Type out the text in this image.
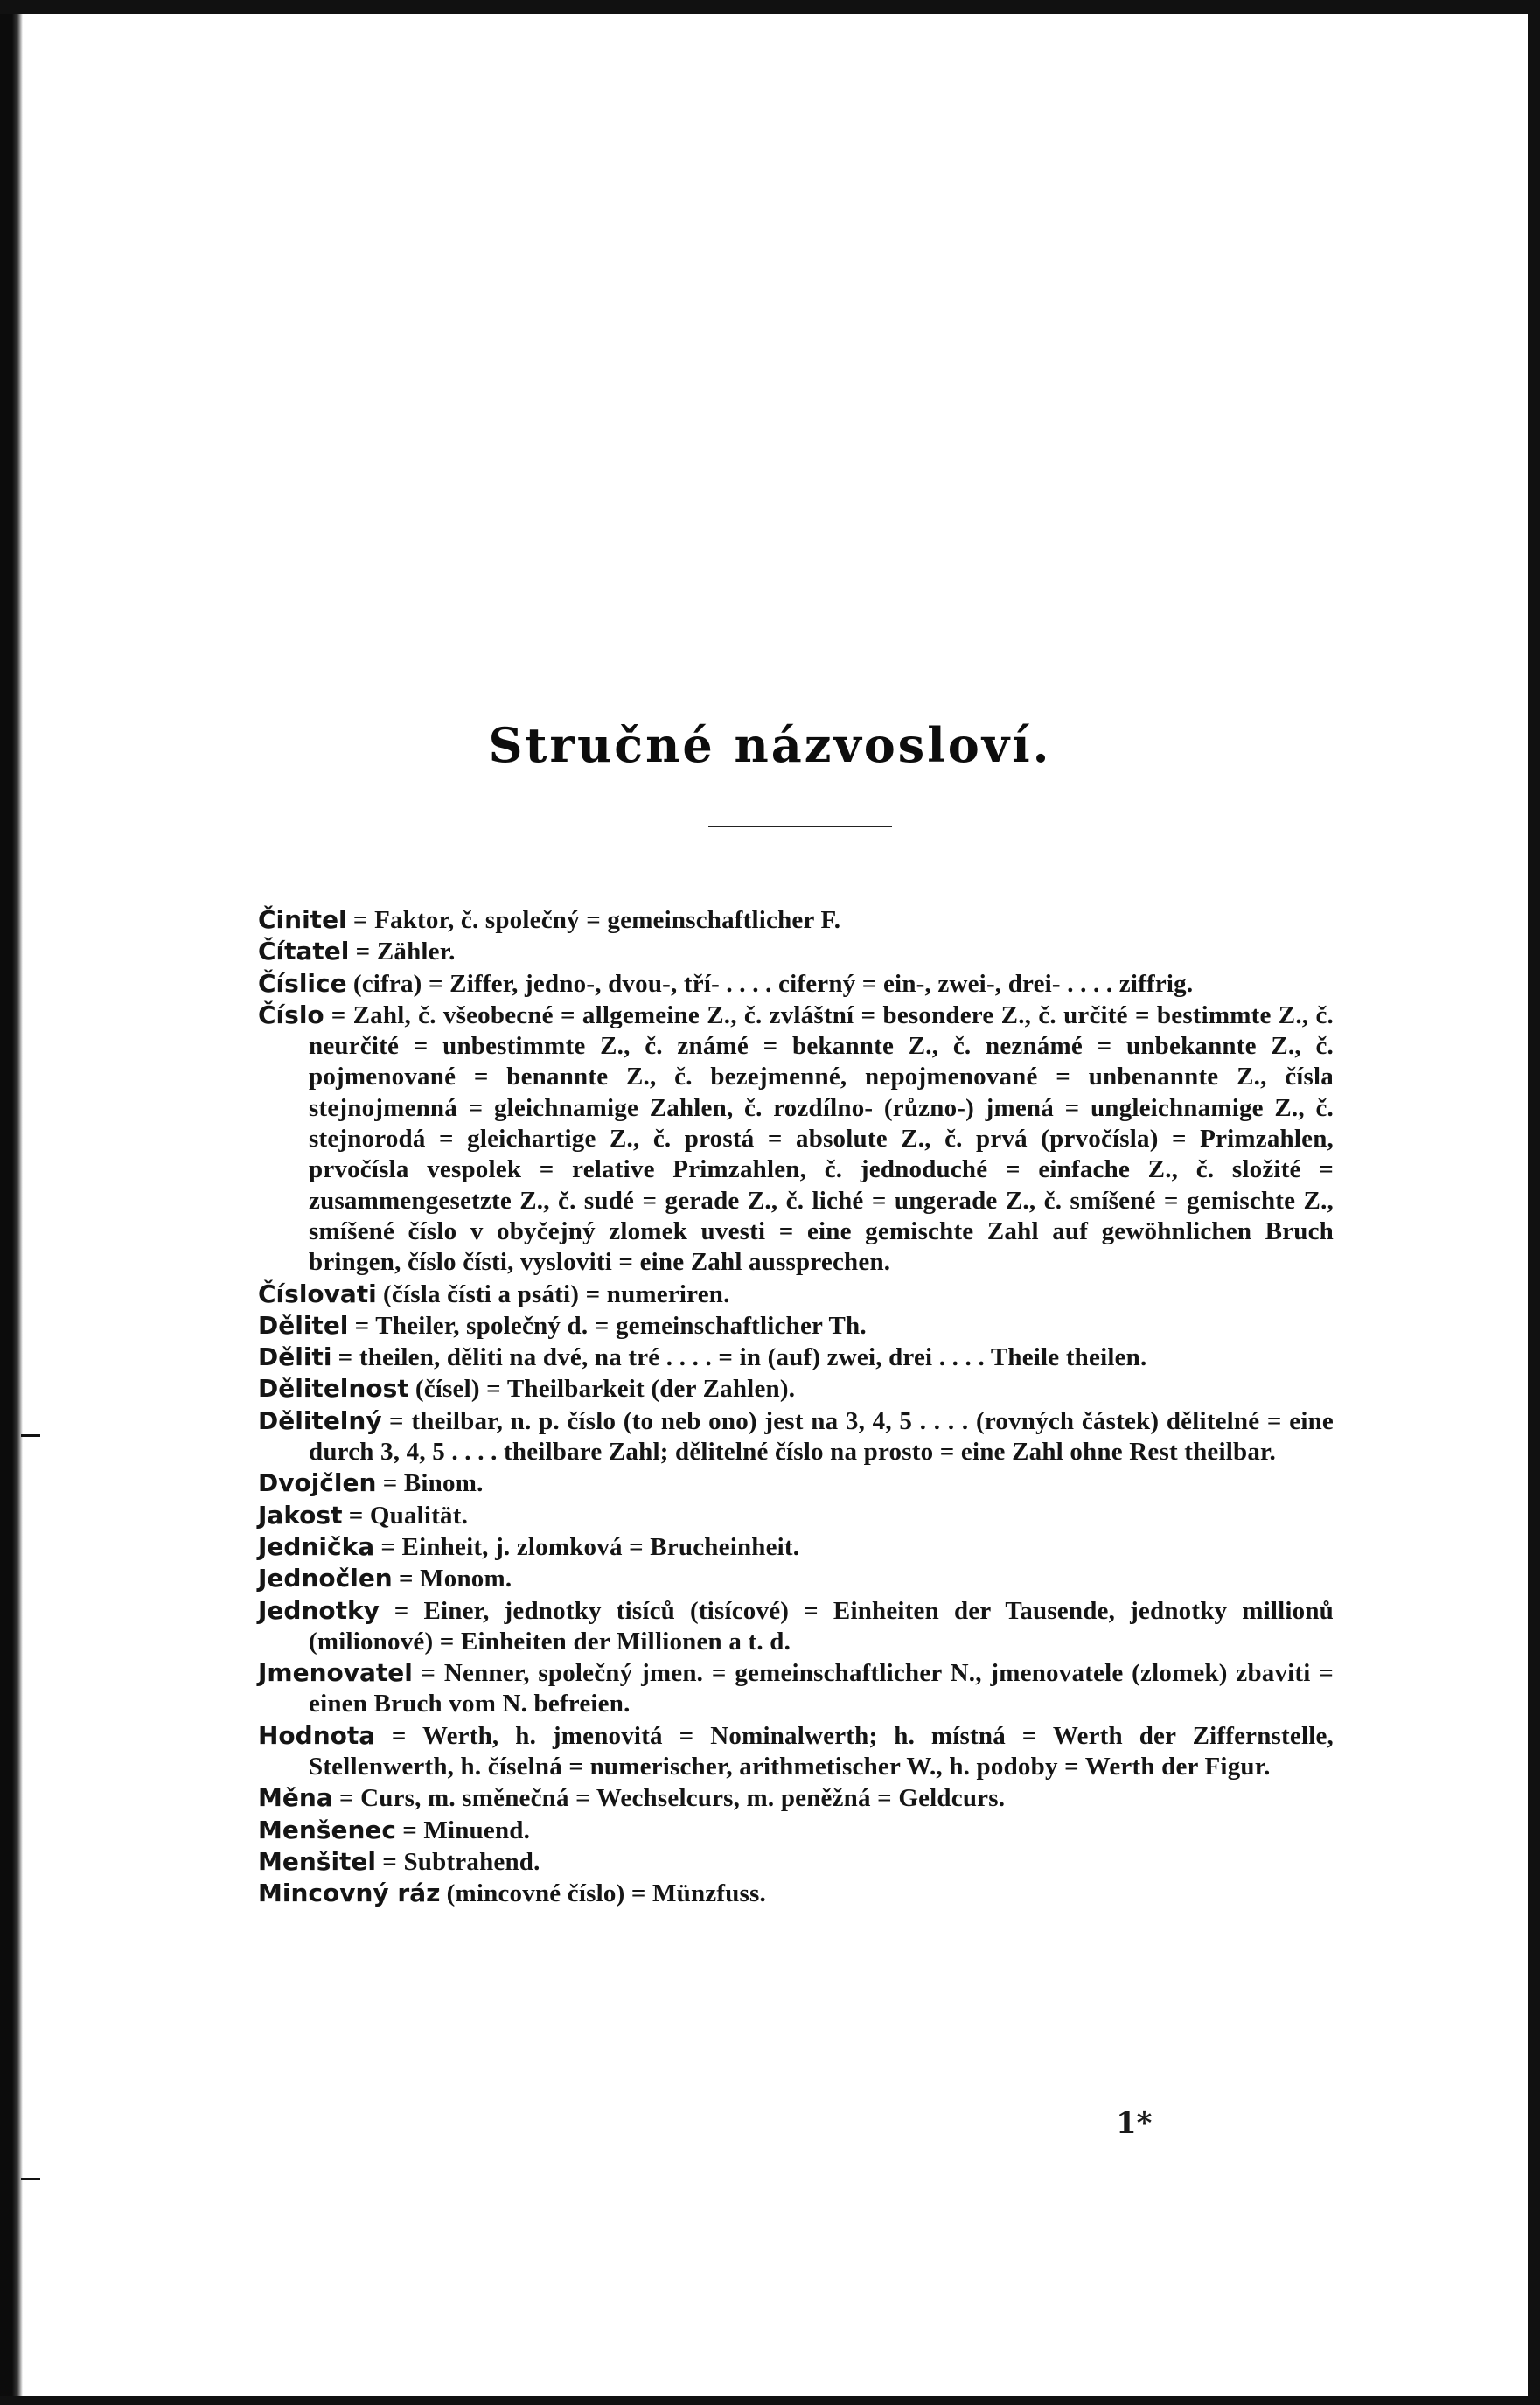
Stručné názvosloví.
Činitel = Faktor, č. společný = gemeinschaftlicher F.
Čítatel = Zähler.
Číslice (cifra) = Ziffer, jedno-, dvou-, tří- . . . . ciferný = ein-, zwei-, drei- . . . . ziffrig.
Číslo = Zahl, č. všeobecné = allgemeine Z., č. zvláštní = besondere Z., č. určité = bestimmte Z., č. neurčité = unbestimmte Z., č. známé = bekannte Z., č. neznámé = unbekannte Z., č. pojmenované = benannte Z., č. bezejmenné, nepojmenované = unbenannte Z., čísla stejnojmenná = gleichnamige Zahlen, č. rozdílno- (různo-) jmená = ungleichnamige Z., č. stejnorodá = gleichartige Z., č. prostá = absolute Z., č. prvá (prvočísla) = Primzahlen, prvočísla vespolek = relative Primzahlen, č. jednoduché = einfache Z., č. složité = zusammengesetzte Z., č. sudé = gerade Z., č. liché = ungerade Z., č. smíšené = gemischte Z., smíšené číslo v obyčejný zlomek uvesti = eine gemischte Zahl auf gewöhnlichen Bruch bringen, číslo čísti, vysloviti = eine Zahl aussprechen.
Číslovati (čísla čísti a psáti) = numeriren.
Dělitel = Theiler, společný d. = gemeinschaftlicher Th.
Děliti = theilen, děliti na dvé, na tré . . . . = in (auf) zwei, drei . . . . Theile theilen.
Dělitelnost (čísel) = Theilbarkeit (der Zahlen).
Dělitelný = theilbar, n. p. číslo (to neb ono) jest na 3, 4, 5 . . . . (rovných částek) dělitelné = eine durch 3, 4, 5 . . . . theilbare Zahl; dělitelné číslo na prosto = eine Zahl ohne Rest theilbar.
Dvojčlen = Binom.
Jakost = Qualität.
Jednička = Einheit, j. zlomková = Brucheinheit.
Jednočlen = Monom.
Jednotky = Einer, jednotky tisíců (tisícové) = Einheiten der Tausende, jednotky millionů (milionové) = Einheiten der Millionen a t. d.
Jmenovatel = Nenner, společný jmen. = gemeinschaftlicher N., jmenovatele (zlomek) zbaviti = einen Bruch vom N. befreien.
Hodnota = Werth, h. jmenovitá = Nominalwerth; h. místná = Werth der Ziffernstelle, Stellenwerth, h. číselná = numerischer, arithmetischer W., h. podoby = Werth der Figur.
Měna = Curs, m. směnečná = Wechselcurs, m. peněžná = Geldcurs.
Menšenec = Minuend.
Menšitel = Subtrahend.
Mincovný ráz (mincovné číslo) = Münzfuss.

1*
